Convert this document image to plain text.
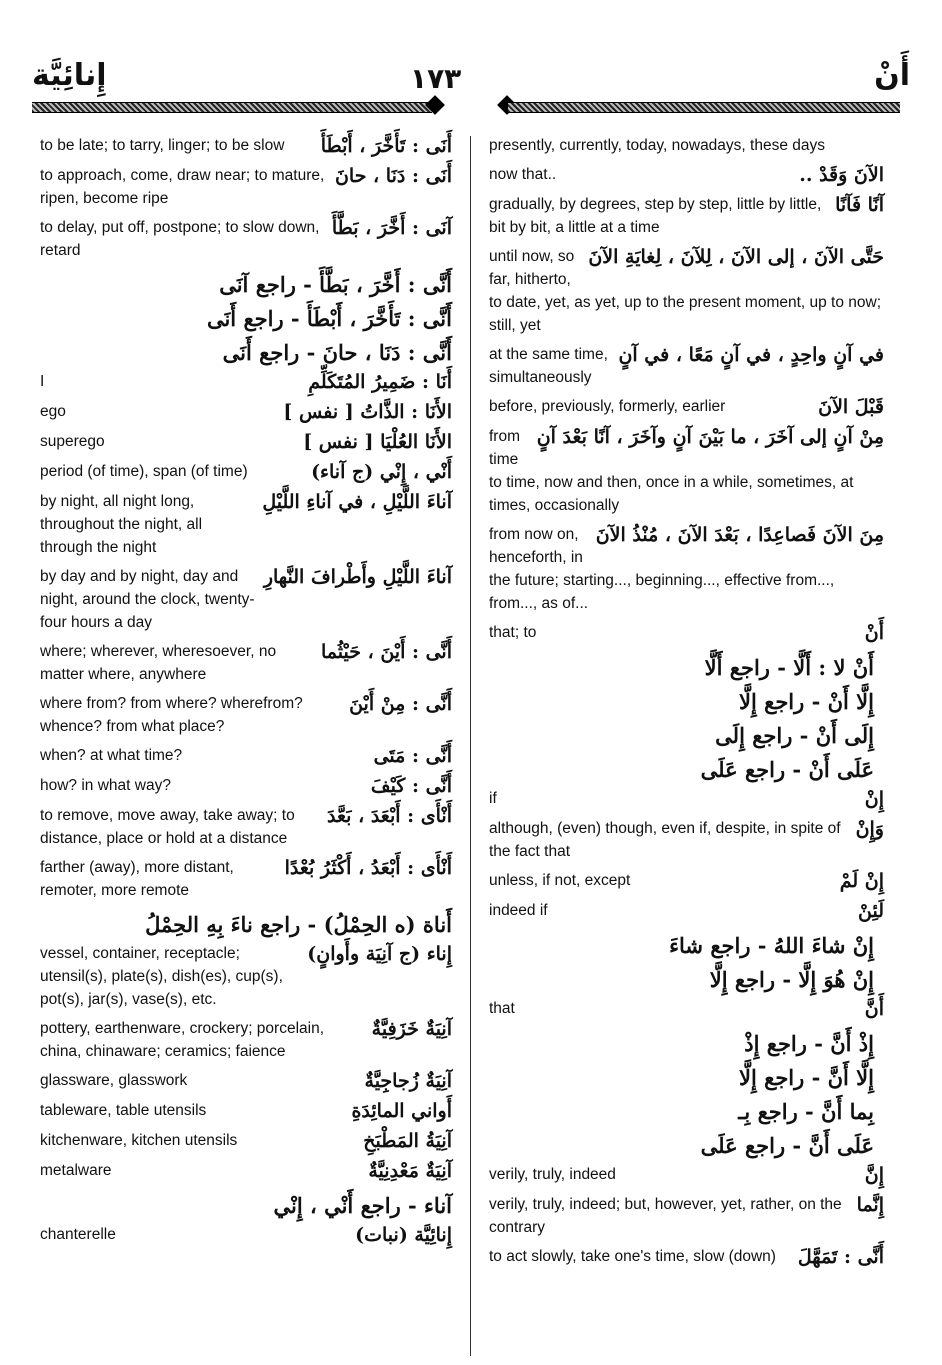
إِنائِيَّة	١٧٣	أَنْ
أَنَى : تَأَخَّرَ ، أَبْطَأَ
to be late; to tarry, linger; to be slow
أَنَى : دَنَا ، حانَ
to approach, come, draw near; to mature, ripen, become ripe
آنَى : أَخَّرَ ، بَطَّأَ
to delay, put off, postpone; to slow down, retard
أَنَّى : أَخَّرَ ، بَطَّأَ - راجع آنَى
أَنَّى : تَأَخَّرَ ، أَبْطَأَ - راجع أَنَى
أَنَّى : دَنَا ، حانَ - راجع أَنَى
أَنَا : ضَمِيرُ المُتَكَلِّمِ
I
الأَنَا : الذَّاتُ [ نفس ]
ego
الأَنَا العُلْيَا [ نفس ]
superego
أَنْي ، إِنْي (ج آناء)
period (of time), span (of time)
آناءَ اللَّيْلِ ، في آناءِ اللَّيْلِ
by night, all night long, throughout the night, all through the night
آناءَ اللَّيْلِ وأَطْرافَ النَّهارِ
by day and by night, day and night, around the clock, twenty-four hours a day
أَنَّى : أَيْنَ ، حَيْثُما
where; wherever, wheresoever, no matter where, anywhere
أَنَّى : مِنْ أَيْنَ
where from? from where? wherefrom? whence? from what place?
أَنَّى : مَتَى
when? at what time?
أَنَّى : كَيْفَ
how? in what way?
أَنْأَى : أَبْعَدَ ، بَعَّدَ
to remove, move away, take away; to distance, place or hold at a distance
أَنْأَى : أَبْعَدُ ، أَكْثَرُ بُعْدًا
farther (away), more distant, remoter, more remote
أَناة (ه الحِمْلُ) - راجع ناءَ بِهِ الحِمْلُ
إِناء (ج آنِيَة وأَوانٍ)
vessel, container, receptacle; utensil(s), plate(s), dish(es), cup(s), pot(s), jar(s), vase(s), etc.
آنِيَةٌ خَزَفِيَّةٌ
pottery, earthenware, crockery; porcelain, china, chinaware; ceramics; faience
آنِيَةٌ زُجاجِيَّةٌ
glassware, glasswork
أَواني المائِدَةِ
tableware, table utensils
آنِيَةُ المَطْبَخِ
kitchenware, kitchen utensils
آنِيَةٌ مَعْدِنِيَّةٌ
metalware
آناء - راجع أَنْي ، إِنْي
إِنائِيَّة (نبات)
chanterelle
presently, currently, today, nowadays, these days
الآنَ وَقَدْ ..
now that..
آنًا فَآنًا
gradually, by degrees, step by step, little by little, bit by bit, a little at a time
حَتَّى الآنَ ، إلى الآنَ ، لِلآنَ ، لِغايَةِ الآنَ
until now, so far, hitherto, to date, yet, as yet, up to the present moment, up to now; still, yet
في آنٍ واحِدٍ ، في آنٍ مَعًا ، في آنٍ
at the same time, simultaneously
قَبْلَ الآنَ
before, previously, formerly, earlier
مِنْ آنٍ إلى آخَرَ ، ما بَيْنَ آنٍ وآخَرَ ، آنًا بَعْدَ آنٍ
from time to time, now and then, once in a while, sometimes, at times, occasionally
مِنَ الآنَ فَصاعِدًا ، بَعْدَ الآنَ ، مُنْذُ الآنَ
from now on, henceforth, in the future; starting..., beginning..., effective from..., from..., as of...
أَنْ
that; to
أَنْ لا : أَلَّا - راجع أَلَّا
إِلَّا أَنْ - راجع إِلَّا
إِلَى أَنْ - راجع إِلَى
عَلَى أَنْ - راجع عَلَى
إِنْ
if
وَإِنْ
although, (even) though, even if, despite, in spite of the fact that
إِنْ لَمْ
unless, if not, except
لَئِنْ
indeed if
إِنْ شاءَ اللهُ - راجع شاءَ
إِنْ هُوَ إِلَّا - راجع إِلَّا
أَنَّ
that
إِذْ أَنَّ - راجع إِذْ
إِلَّا أَنَّ - راجع إِلَّا
بِما أَنَّ - راجع بِـ
عَلَى أَنَّ - راجع عَلَى
إِنَّ
verily, truly, indeed
إِنَّما
verily, truly, indeed; but, however, yet, rather, on the contrary
أَنَّى : تَمَهَّلَ
to act slowly, take one's time, slow (down)
